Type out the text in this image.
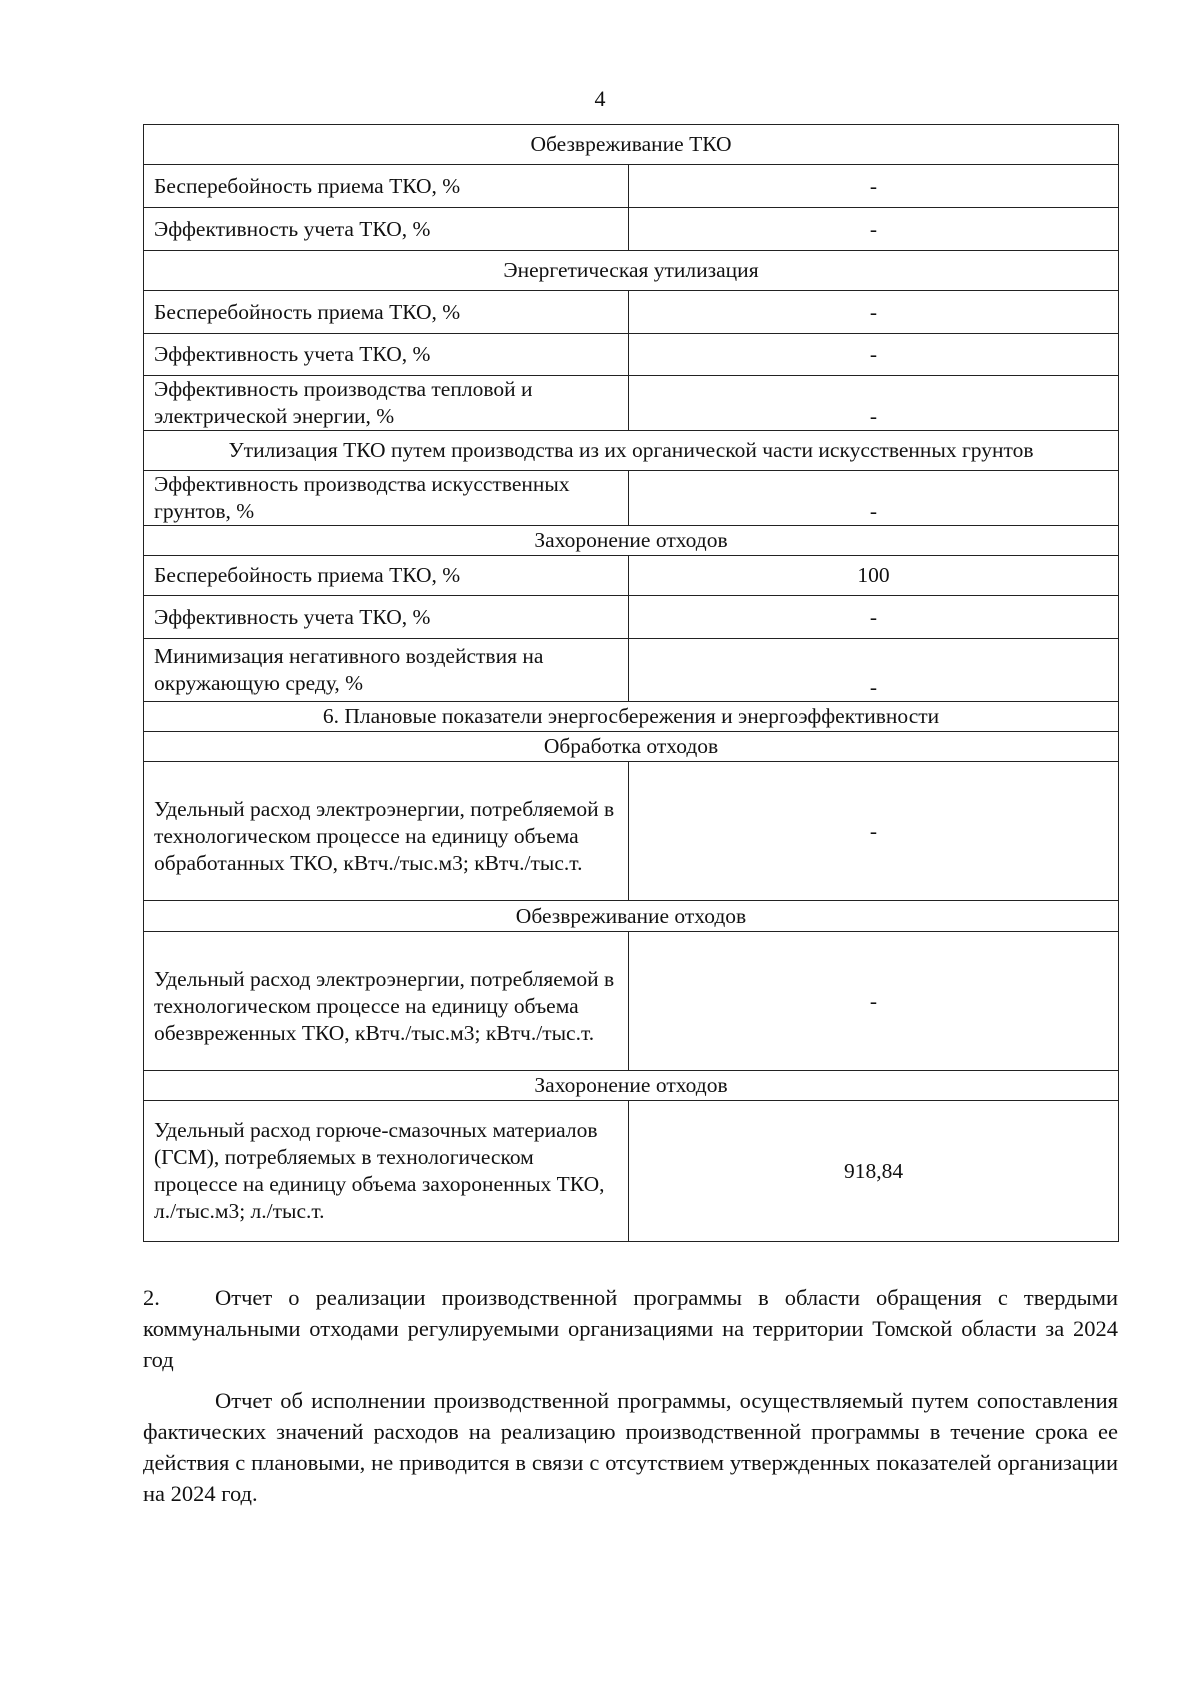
4
Обезвреживание ТКО	
Бесперебойность приема ТКО, %	-
Эффективность учета ТКО, %	-
Энергетическая утилизация	
Бесперебойность приема ТКО, %	-
Эффективность учета ТКО, %	-
Эффективность производства тепловой и электрической энергии, %	-
Утилизация ТКО путем производства из их органической части искусственных грунтов	
Эффективность производства искусственных грунтов, %	-
Захоронение отходов	
Бесперебойность приема ТКО, %	100
Эффективность учета ТКО, %	-
Минимизация негативного воздействия на окружающую среду, %	-
6. Плановые показатели энергосбережения и энергоэффективности	
Обработка отходов	
Удельный расход электроэнергии, потребляемой в технологическом процессе на единицу объема обработанных ТКО, кВтч./тыс.м3; кВтч./тыс.т.	-
Обезвреживание отходов	
Удельный расход электроэнергии, потребляемой в технологическом процессе на единицу объема обезвреженных ТКО, кВтч./тыс.м3; кВтч./тыс.т.	-
Захоронение отходов	
Удельный расход горюче-смазочных материалов (ГСМ), потребляемых в технологическом процессе на единицу объема захороненных ТКО, л./тыс.м3; л./тыс.т.	918,84

2. Отчет о реализации производственной программы в области обращения с твердыми коммунальными отходами регулируемыми организациями на территории Томской области за 2024 год

Отчет об исполнении производственной программы, осуществляемый путем сопоставления фактических значений расходов на реализацию производственной программы в течение срока ее действия с плановыми, не приводится в связи с отсутствием утвержденных показателей организации на 2024 год.
